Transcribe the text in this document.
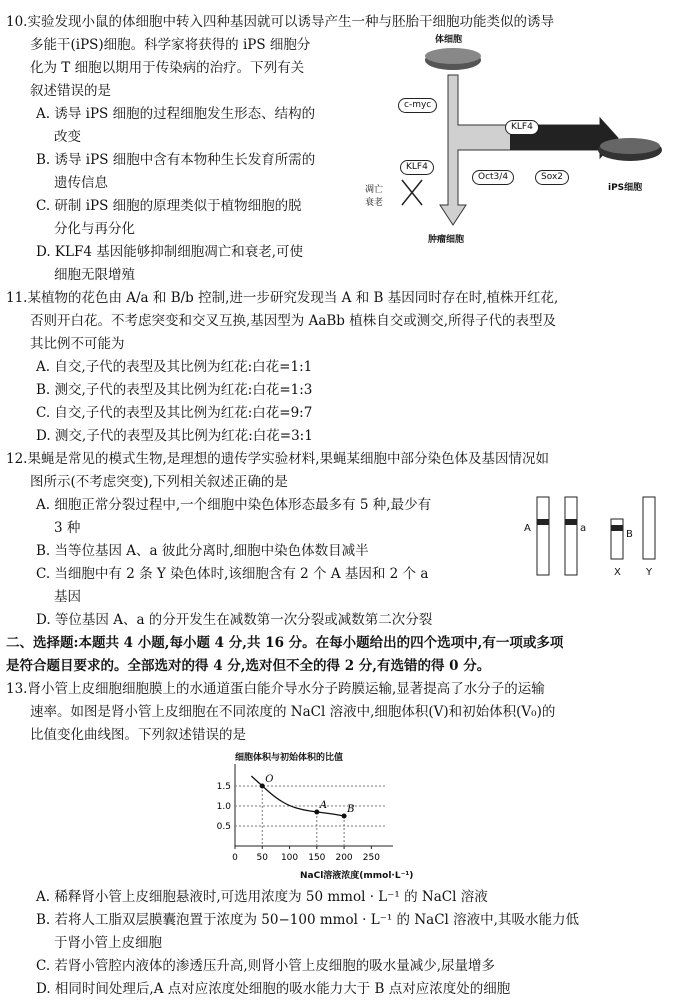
10.实验发现小鼠的体细胞中转入四种基因就可以诱导产生一种与胚胎干细胞功能类似的诱导
多能干(iPS)细胞。科学家将获得的 iPS 细胞分
化为 T 细胞以期用于传染病的治疗。下列有关
叙述错误的是
A. 诱导 iPS 细胞的过程细胞发生形态、结构的
改变
B. 诱导 iPS 细胞中含有本物种生长发育所需的
遗传信息
C. 研制 iPS 细胞的原理类似于植物细胞的脱
分化与再分化
D. KLF4 基因能够抑制细胞凋亡和衰老,可使
细胞无限增殖
体细胞
c-myc
KLF4
KLF4
Oct3/4	Sox2
iPS细胞
凋亡
衰老
肿瘤细胞
11.某植物的花色由 A/a 和 B/b 控制,进一步研究发现当 A 和 B 基因同时存在时,植株开红花,
否则开白花。不考虑突变和交叉互换,基因型为 AaBb 植株自交或测交,所得子代的表型及
其比例不可能为
A. 自交,子代的表型及其比例为红花:白花=1:1
B. 测交,子代的表型及其比例为红花:白花=1:3
C. 自交,子代的表型及其比例为红花:白花=9:7
D. 测交,子代的表型及其比例为红花:白花=3:1
12.果蝇是常见的模式生物,是理想的遗传学实验材料,果蝇某细胞中部分染色体及基因情况如
图所示(不考虑突变),下列相关叙述正确的是
A. 细胞正常分裂过程中,一个细胞中染色体形态最多有 5 种,最少有
3 种
B. 当等位基因 A、a 彼此分离时,细胞中染色体数目减半
C. 当细胞中有 2 条 Y 染色体时,该细胞含有 2 个 A 基因和 2 个 a
基因
D. 等位基因 A、a 的分开发生在减数第一次分裂或减数第二次分裂
A	a
B
X	Y
二、选择题:本题共 4 小题,每小题 4 分,共 16 分。在每小题给出的四个选项中,有一项或多项
是符合题目要求的。全部选对的得 4 分,选对但不全的得 2 分,有选错的得 0 分。
13.肾小管上皮细胞细胞膜上的水通道蛋白能介导水分子跨膜运输,显著提高了水分子的运输
速率。如图是肾小管上皮细胞在不同浓度的 NaCl 溶液中,细胞体积(V)和初始体积(V₀)的
比值变化曲线图。下列叙述错误的是
细胞体积与初始体积的比值
0 50 100 150 200 250
0.5
1.0
1.5
O
A B
NaCl溶液浓度(mmol·L⁻¹)
A. 稀释肾小管上皮细胞悬液时,可选用浓度为 50 mmol · L⁻¹ 的 NaCl 溶液
B. 若将人工脂双层膜囊泡置于浓度为 50−100 mmol · L⁻¹ 的 NaCl 溶液中,其吸水能力低
于肾小管上皮细胞
C. 若肾小管腔内液体的渗透压升高,则肾小管上皮细胞的吸水量减少,尿量增多
D. 相同时间处理后,A 点对应浓度处细胞的吸水能力大于 B 点对应浓度处的细胞
